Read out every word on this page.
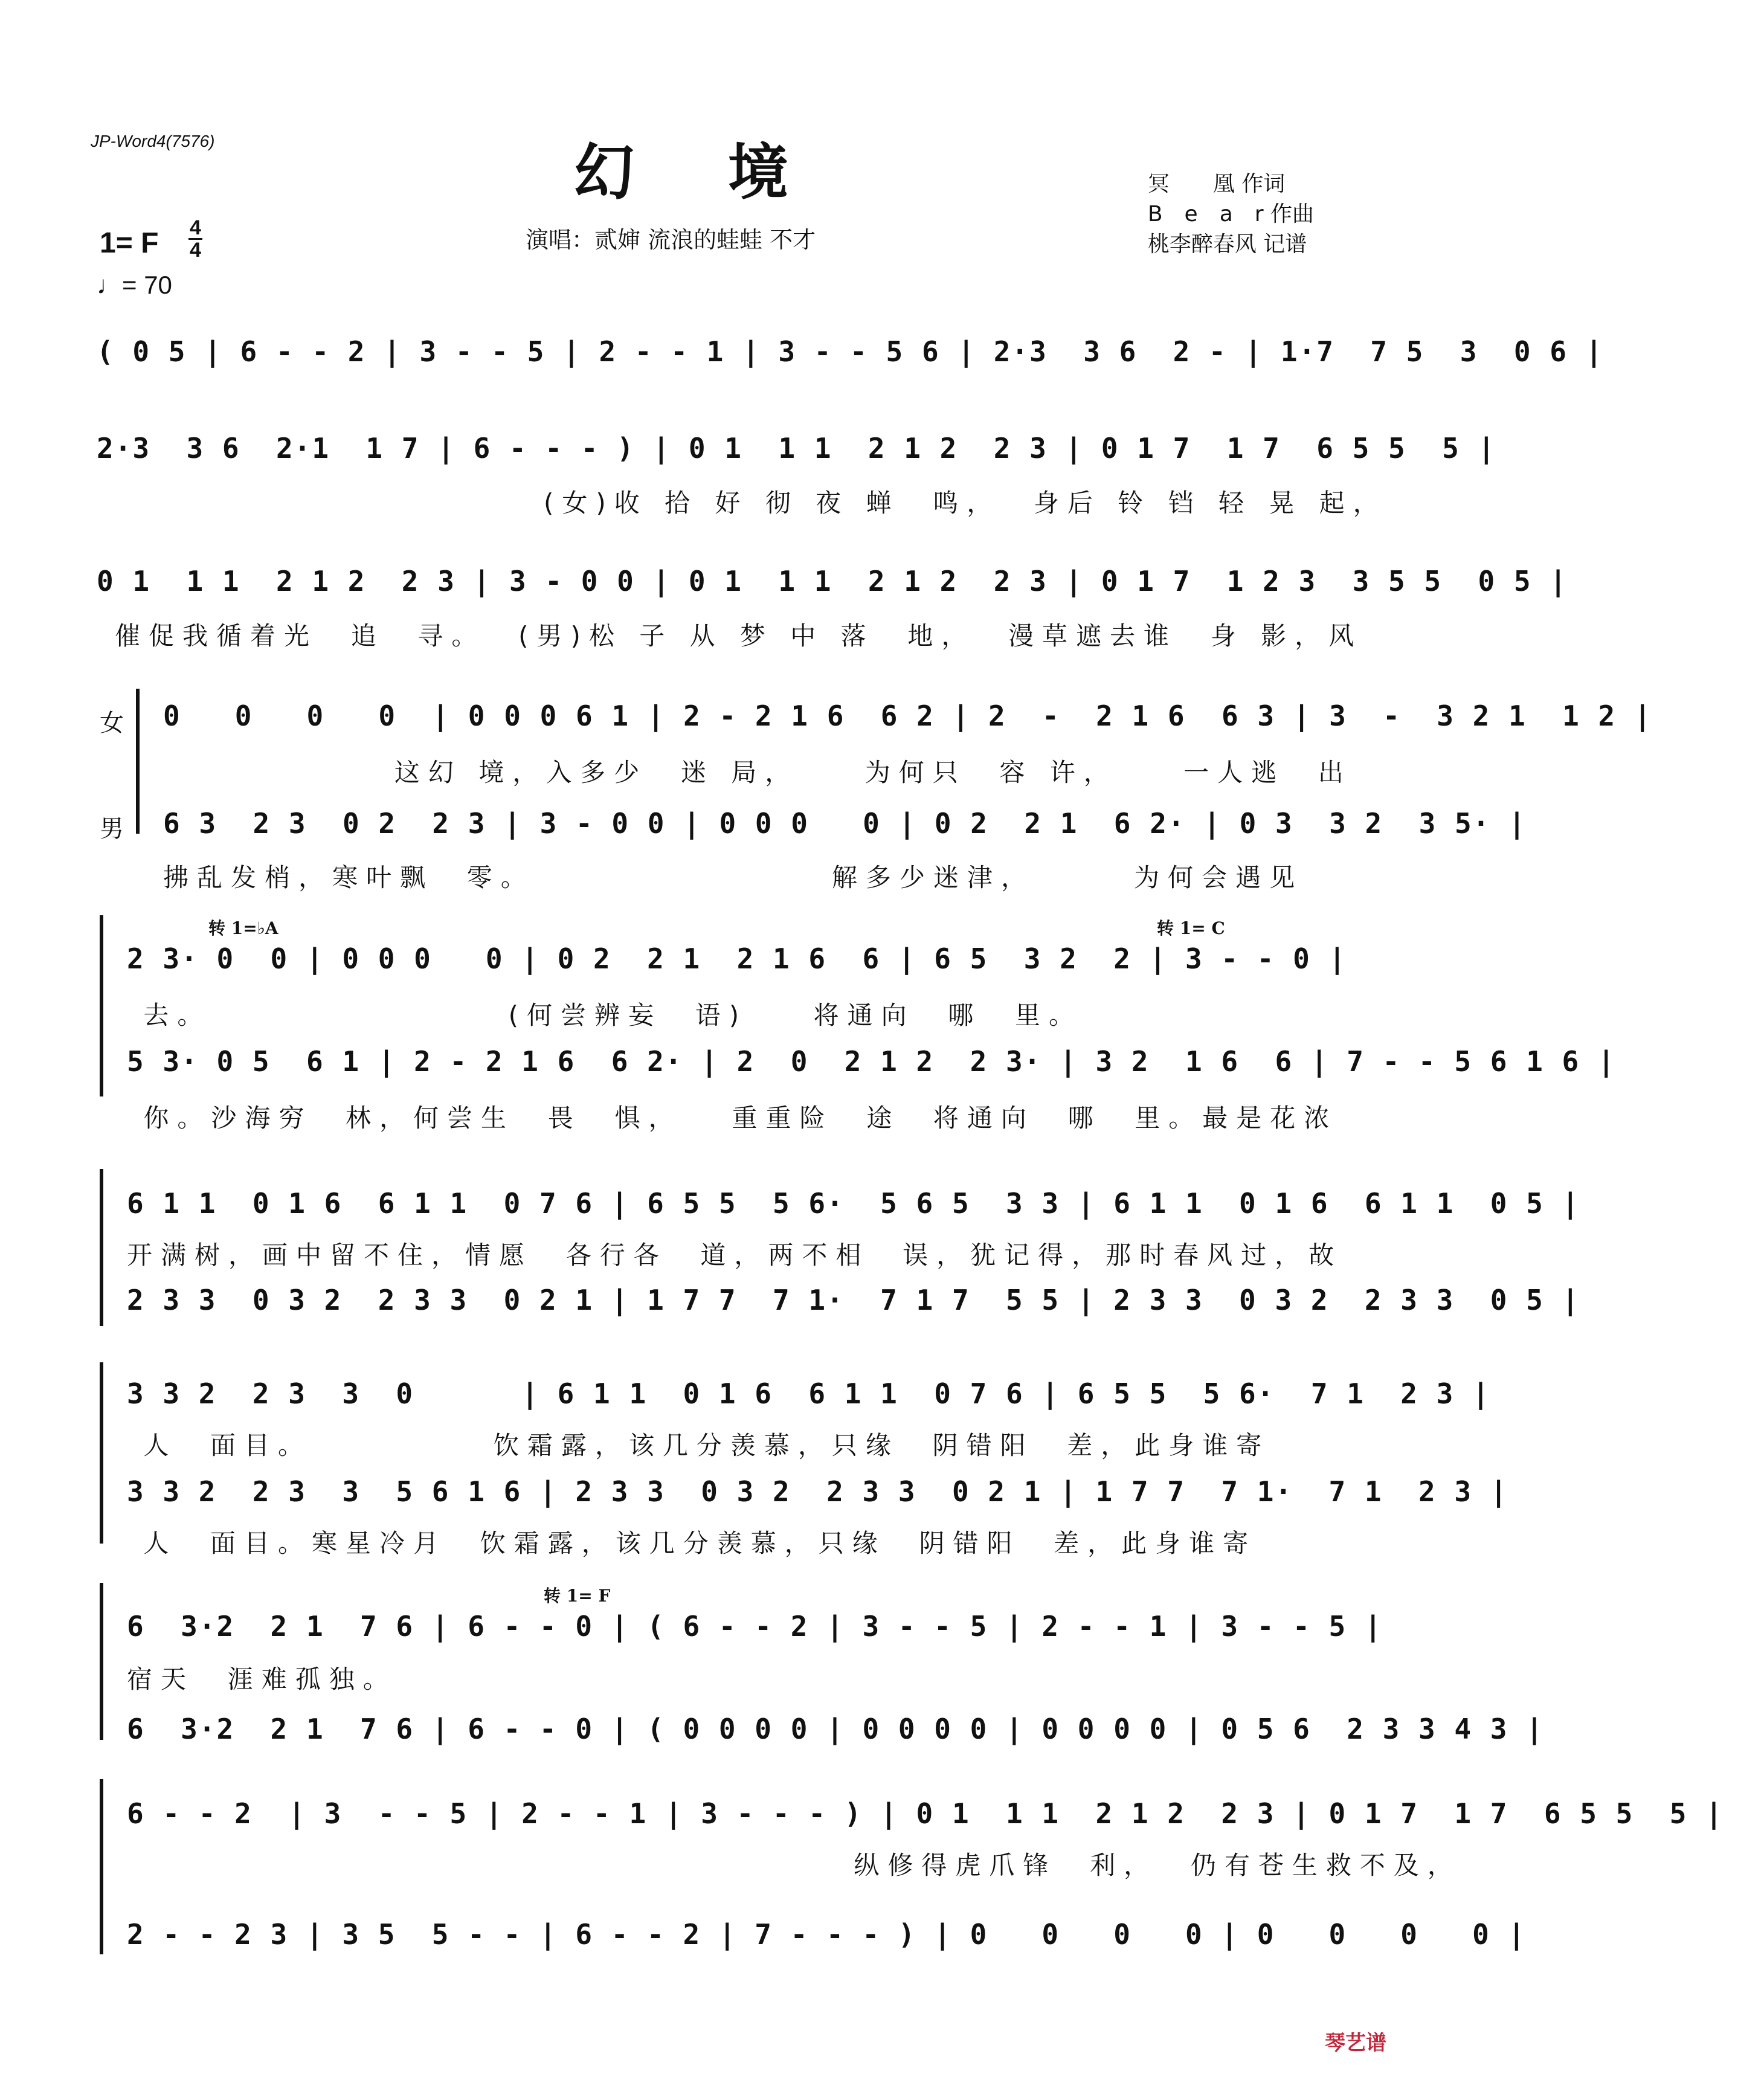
JP-Word4(7576)	幻 境	冥　　凰 作词
B　e　a　r 作曲
桃李醉春风 记谱
1= F 4
4
♩= 70
演唱：贰婶 流浪的蛙蛙 不才
( 0 5 | 6 - - 2 | 3 - - 5 | 2 - - 1 | 3 - - 5 6 | 2·3  3 6  2 - | 1·7  7 5  3  0 6 |
2·3  3 6  2·1  1 7 | 6 - - - ) | 0 1  1 1  2 1 2  2 3 | 0 1 7  1 7  6 5 5  5 |
(女)收 拾 好 彻 夜 蝉  鸣，  身后 铃 铛 轻 晃 起，
0 1  1 1  2 1 2  2 3 | 3 - 0 0 | 0 1  1 1  2 1 2  2 3 | 0 1 7  1 2 3  3 5 5  0 5 |
催促我循着光  追  寻。  (男)松 子 从 梦 中 落  地，  漫草遮去谁  身 影，风
女
男
0   0   0   0  | 0 0 0 6 1 | 2 - 2 1 6  6 2 | 2  -  2 1 6  6 3 | 3  -  3 2 1  1 2 |
这幻 境，入多少  迷 局，    为何只  容 许，    一人逃  出
6 3  2 3  0 2  2 3 | 3 - 0 0 | 0 0 0   0 | 0 2  2 1  6 2· | 0 3  3 2  3 5· |
拂乱发梢，寒叶飘  零。                  解多少迷津，      为何会遇见
转 1=♭A	转 1= C
2 3· 0  0 | 0 0 0   0 | 0 2  2 1  2 1 6  6 | 6 5  3 2  2 | 3 - - 0 |
去。                  (何尝辨妄  语)    将通向  哪  里。
5 3· 0 5  6 1 | 2 - 2 1 6  6 2· | 2  0  2 1 2  2 3· | 3 2  1 6  6 | 7 - - 5 6 1 6 |
你。沙海穷  林，何尝生  畏  惧，   重重险  途  将通向  哪  里。最是花浓
6 1 1  0 1 6  6 1 1  0 7 6 | 6 5 5  5 6·  5 6 5  3 3 | 6 1 1  0 1 6  6 1 1  0 5 |
开满树，画中留不住，情愿  各行各  道，两不相  误，犹记得，那时春风过，故
2 3 3  0 3 2  2 3 3  0 2 1 | 1 7 7  7 1·  7 1 7  5 5 | 2 3 3  0 3 2  2 3 3  0 5 |
3 3 2  2 3  3  0      | 6 1 1  0 1 6  6 1 1  0 7 6 | 6 5 5  5 6·  7 1  2 3 |
人  面目。           饮霜露，该几分羡慕，只缘  阴错阳  差，此身谁寄
3 3 2  2 3  3  5 6 1 6 | 2 3 3  0 3 2  2 3 3  0 2 1 | 1 7 7  7 1·  7 1  2 3 |
人  面目。寒星冷月  饮霜露，该几分羡慕，只缘  阴错阳  差，此身谁寄
转 1= F
6  3·2  2 1  7 6 | 6 - - 0 | ( 6 - - 2 | 3 - - 5 | 2 - - 1 | 3 - - 5 |
宿天  涯难孤独。
6  3·2  2 1  7 6 | 6 - - 0 | ( 0 0 0 0 | 0 0 0 0 | 0 0 0 0 | 0 5 6  2 3 3 4 3 |
6 - - 2  | 3  - - 5 | 2 - - 1 | 3 - - - ) | 0 1  1 1  2 1 2  2 3 | 0 1 7  1 7  6 5 5  5 |
纵修得虎爪锋  利，  仍有苍生救不及，
2 - - 2 3 | 3 5  5 - - | 6 - - 2 | 7 - - - ) | 0   0   0   0 | 0   0   0   0 |
琴艺谱
